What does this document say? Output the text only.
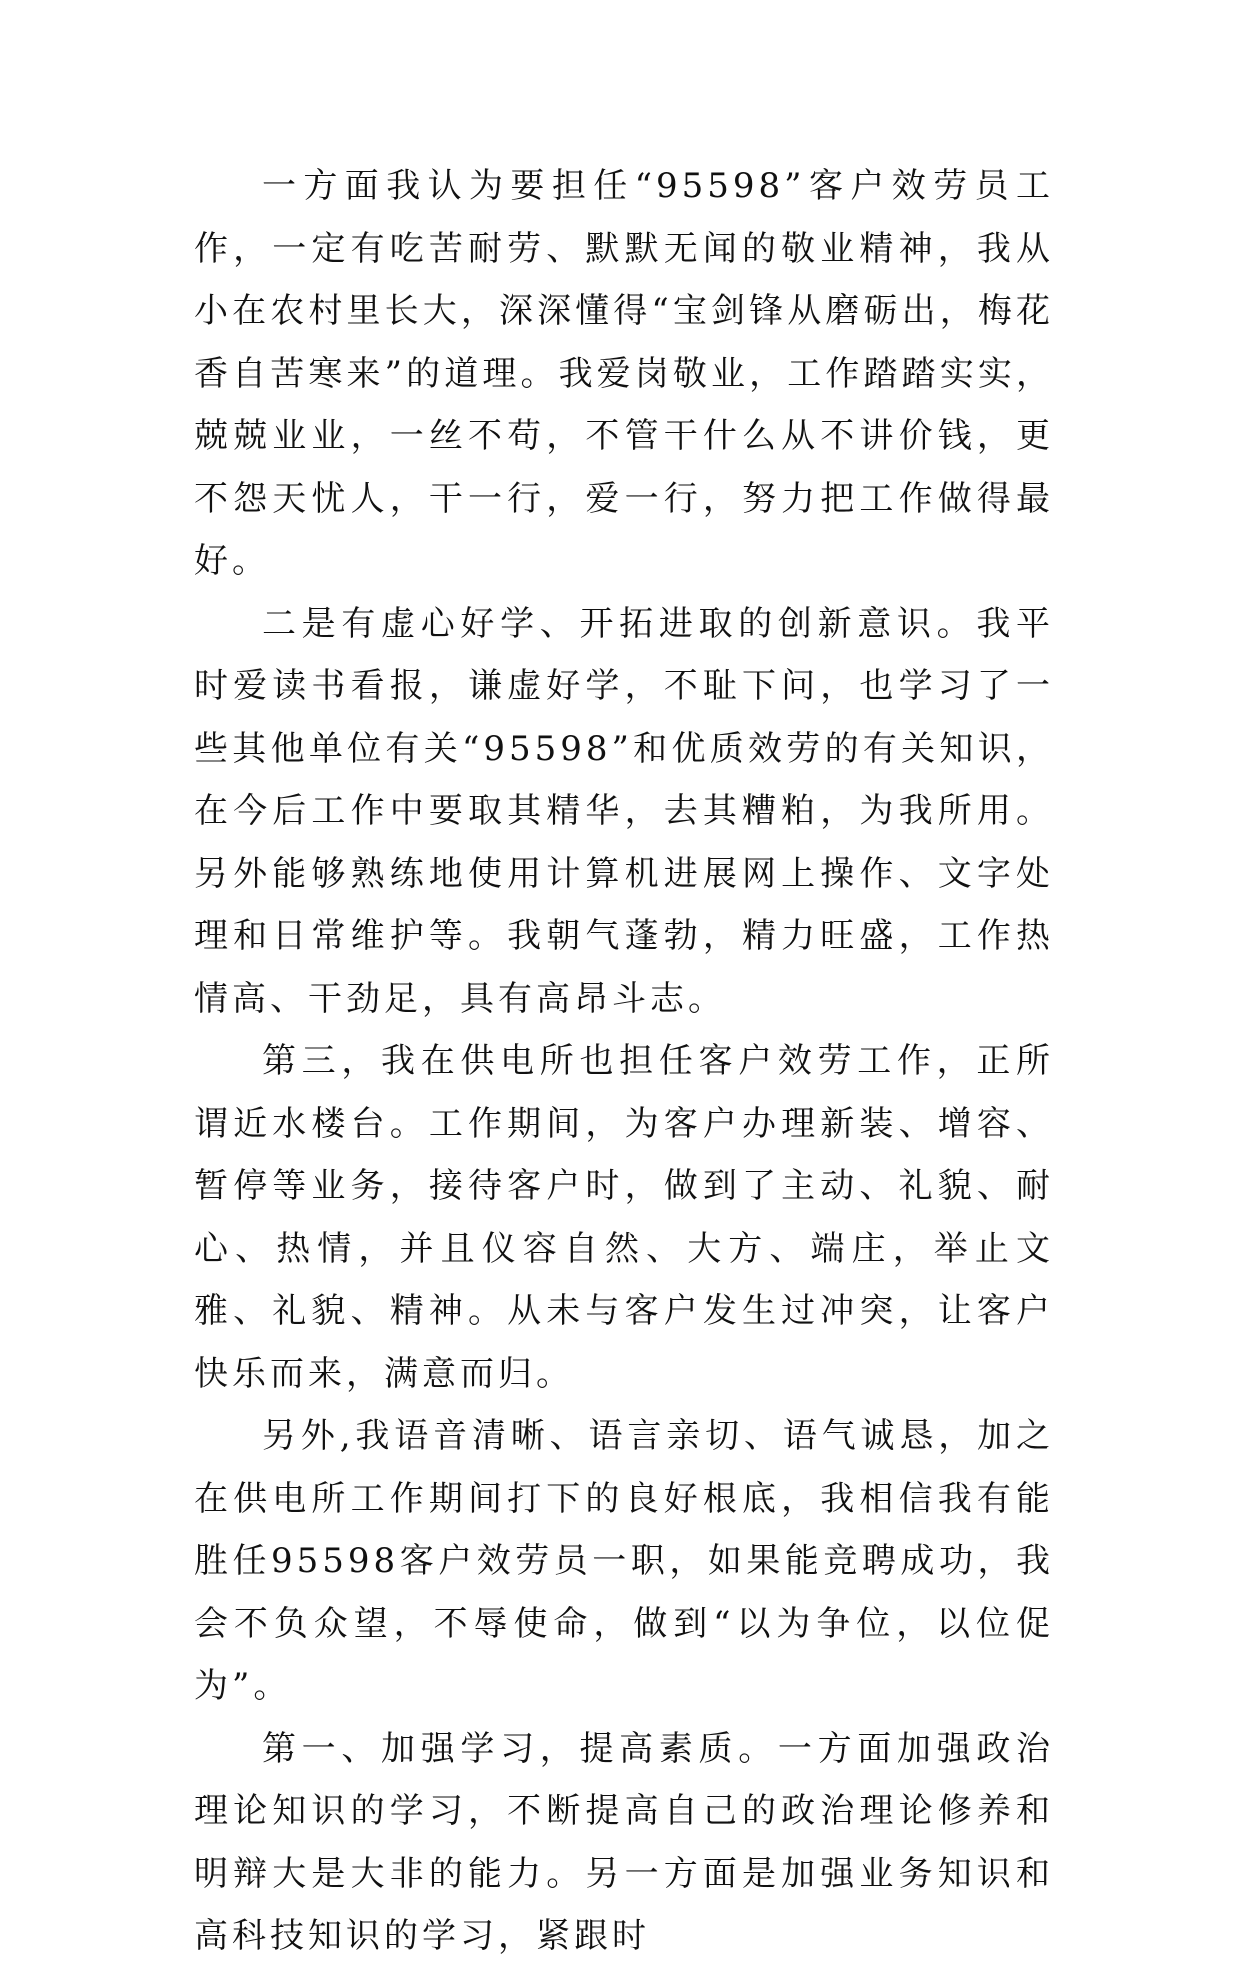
一方面我认为要担任“95598”客户效劳员工作，一定有吃苦耐劳、默默无闻的敬业精神，我从小在农村里长大，深深懂得“宝剑锋从磨砺出，梅花香自苦寒来”的道理。我爱岗敬业，工作踏踏实实，兢兢业业，一丝不苟，不管干什么从不讲价钱，更不怨天忧人，干一行，爱一行，努力把工作做得最好。

二是有虚心好学、开拓进取的创新意识。我平时爱读书看报，谦虚好学，不耻下问，也学习了一些其他单位有关“95598”和优质效劳的有关知识，在今后工作中要取其精华，去其糟粕，为我所用。另外能够熟练地使用计算机进展网上操作、文字处理和日常维护等。我朝气蓬勃，精力旺盛，工作热情高、干劲足，具有高昂斗志。

第三，我在供电所也担任客户效劳工作，正所谓近水楼台。工作期间，为客户办理新装、增容、暂停等业务，接待客户时，做到了主动、礼貌、耐心、热情，并且仪容自然、大方、端庄，举止文雅、礼貌、精神。从未与客户发生过冲突，让客户快乐而来，满意而归。

另外,我语音清晰、语言亲切、语气诚恳，加之在供电所工作期间打下的良好根底，我相信我有能胜任95598客户效劳员一职，如果能竞聘成功，我会不负众望，不辱使命，做到“以为争位，以位促为”。

第一、加强学习，提高素质。一方面加强政治理论知识的学习，不断提高自己的政治理论修养和明辩大是大非的能力。另一方面是加强业务知识和高科技知识的学习，紧跟时
